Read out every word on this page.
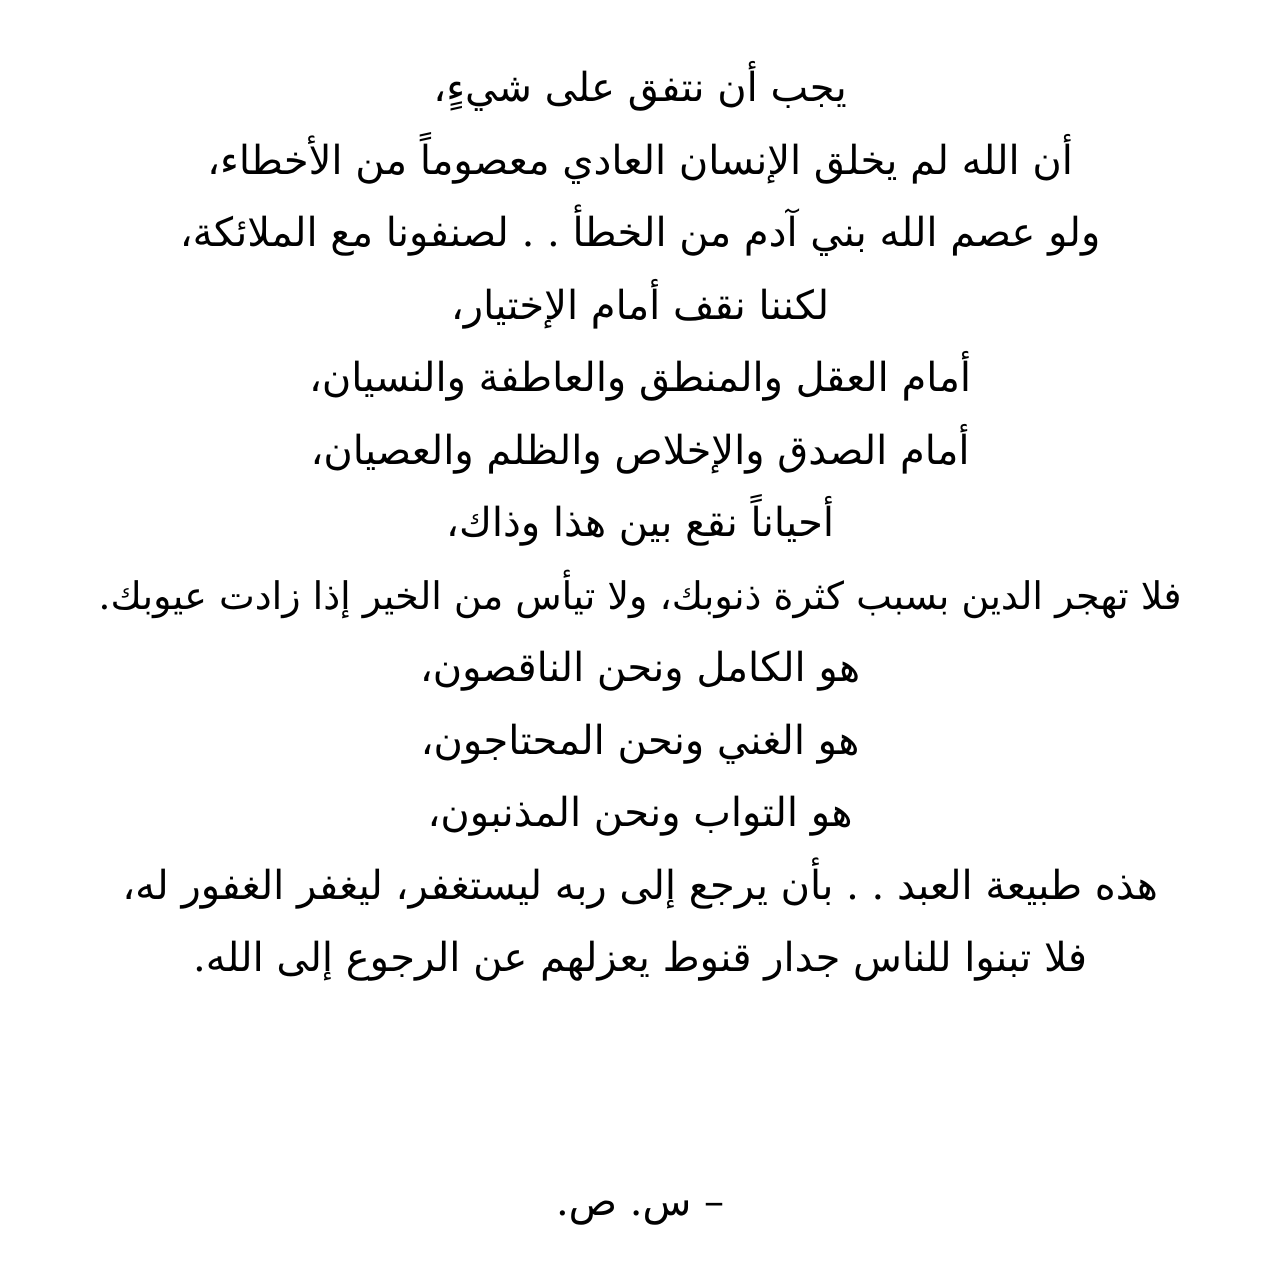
يجب أن نتفق على شيءٍ،
أن الله لم يخلق الإنسان العادي معصوماً من الأخطاء،
ولو عصم الله بني آدم من الخطأ . . لصنفونا مع الملائكة،
لكننا نقف أمام الإختيار،
أمام العقل والمنطق والعاطفة والنسيان،
أمام الصدق والإخلاص والظلم والعصيان،
أحياناً نقع بين هذا وذاك،
فلا تهجر الدين بسبب كثرة ذنوبك، ولا تيأس من الخير إذا زادت عيوبك.
هو الكامل ونحن الناقصون،
هو الغني ونحن المحتاجون،
هو التواب ونحن المذنبون،
هذه طبيعة العبد . . بأن يرجع إلى ربه ليستغفر، ليغفر الغفور له،
فلا تبنوا للناس جدار قنوط يعزلهم عن الرجوع إلى الله.
– س. ص.
